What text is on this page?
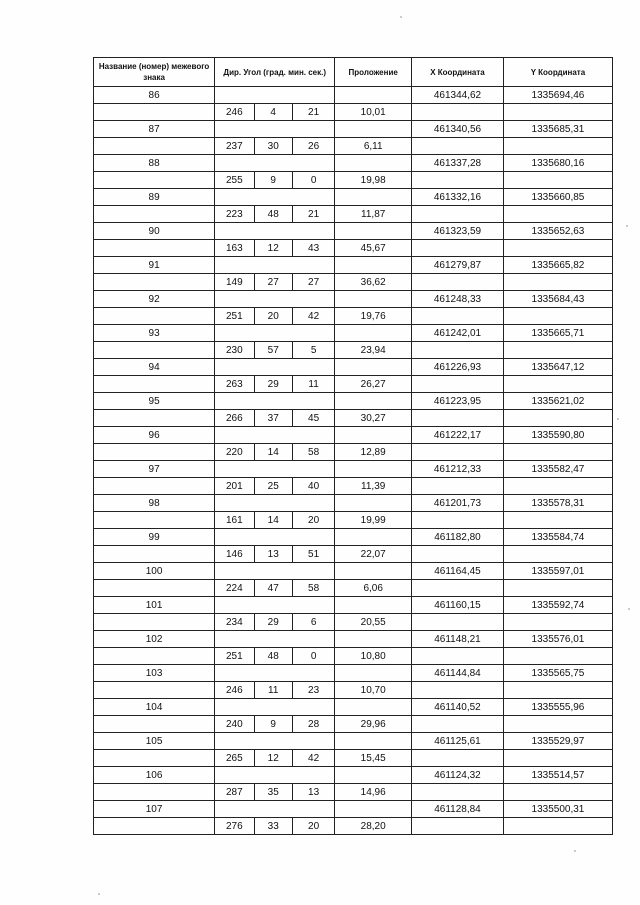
Название (номер) межевого знака	Дир. Угол (град. мин. сек.)			Проложение	X Координата	Y Координата
86					461344,62	1335694,46
	246	4	21	10,01		
87					461340,56	1335685,31
	237	30	26	6,11		
88					461337,28	1335680,16
	255	9	0	19,98		
89					461332,16	1335660,85
	223	48	21	11,87		
90					461323,59	1335652,63
	163	12	43	45,67		
91					461279,87	1335665,82
	149	27	27	36,62		
92					461248,33	1335684,43
	251	20	42	19,76		
93					461242,01	1335665,71
	230	57	5	23,94		
94					461226,93	1335647,12
	263	29	11	26,27		
95					461223,95	1335621,02
	266	37	45	30,27		
96					461222,17	1335590,80
	220	14	58	12,89		
97					461212,33	1335582,47
	201	25	40	11,39		
98					461201,73	1335578,31
	161	14	20	19,99		
99					461182,80	1335584,74
	146	13	51	22,07		
100					461164,45	1335597,01
	224	47	58	6,06		
101					461160,15	1335592,74
	234	29	6	20,55		
102					461148,21	1335576,01
	251	48	0	10,80		
103					461144,84	1335565,75
	246	11	23	10,70		
104					461140,52	1335555,96
	240	9	28	29,96		
105					461125,61	1335529,97
	265	12	42	15,45		
106					461124,32	1335514,57
	287	35	13	14,96		
107					461128,84	1335500,31
	276	33	20	28,20		
